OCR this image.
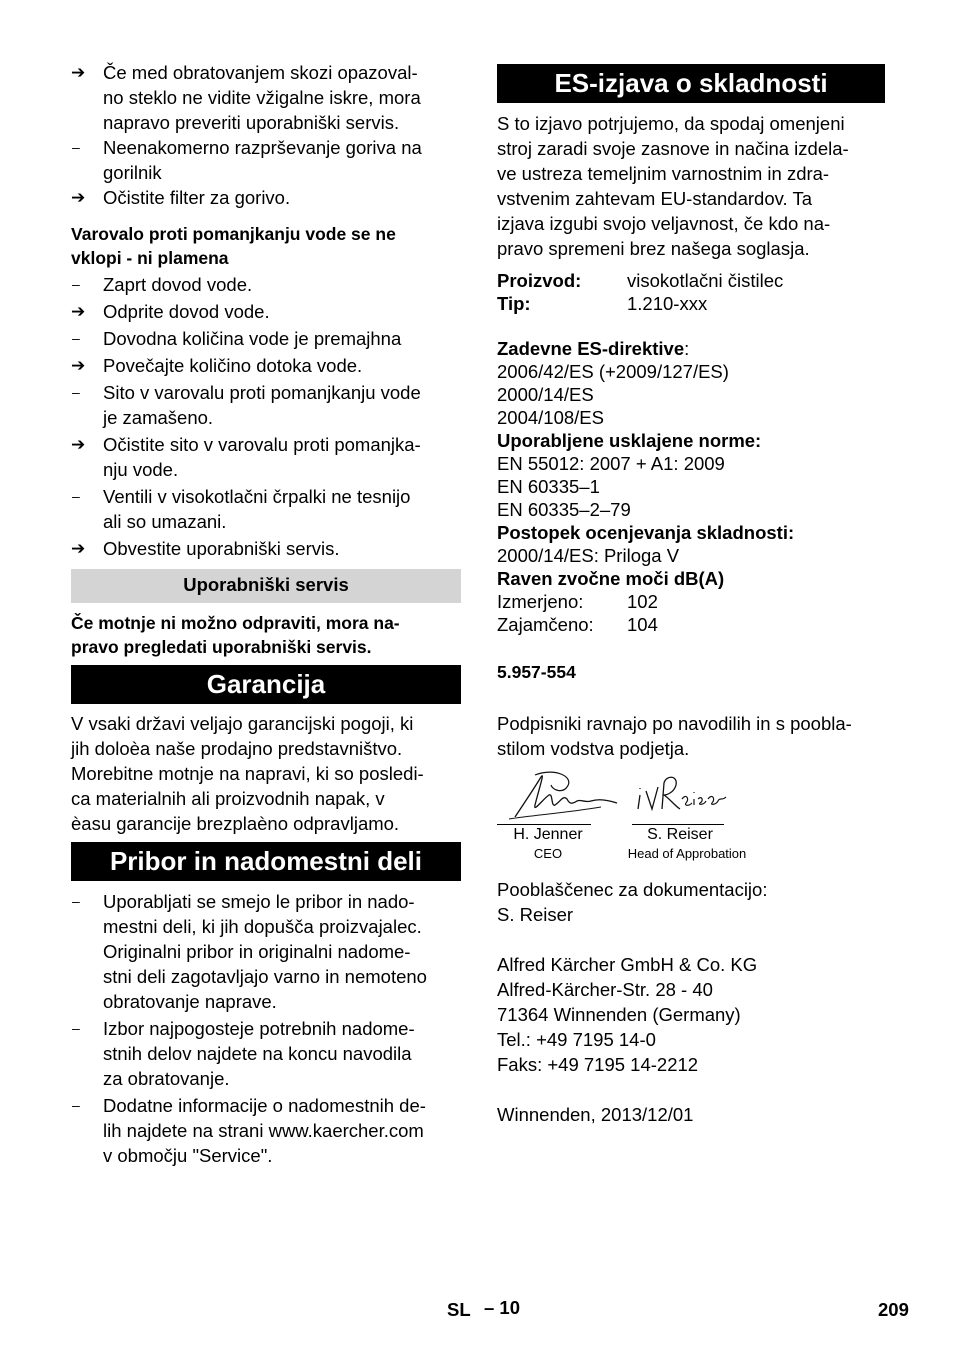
➔ Če med obratovanjem skozi opazoval-
no steklo ne vidite vžigalne iskre, mora
napravo preveriti uporabniški servis.
–	Neenakomerno razprševanje goriva na
gorilnik
➔ Očistite filter za gorivo.
Varovalo proti pomanjkanju vode se ne
vklopi - ni plamena
–	Zaprt dovod vode.
➔ Odprite dovod vode.
–	Dovodna količina vode je premajhna
➔ Povečajte količino dotoka vode.
–	Sito v varovalu proti pomanjkanju vode
je zamašeno.
➔ Očistite sito v varovalu proti pomanjka-
nju vode.
–	Ventili v visokotlačni črpalki ne tesnijo
ali so umazani.
➔ Obvestite uporabniški servis.
Uporabniški servis
Če motnje ni možno odpraviti, mora na-
pravo pregledati uporabniški servis.
Garancija
V vsaki državi veljajo garancijski pogoji, ki
jih doloèa naše prodajno predstavništvo.
Morebitne motnje na napravi, ki so posledi-
ca materialnih ali proizvodnih napak, v
èasu garancije brezplaèno odpravljamo.
Pribor in nadomestni deli
–	Uporabljati se smejo le pribor in nado-
mestni deli, ki jih dopušča proizvajalec.
Originalni pribor in originalni nadome-
stni deli zagotavljajo varno in nemoteno
obratovanje naprave.
–	Izbor najpogosteje potrebnih nadome-
stnih delov najdete na koncu navodila
za obratovanje.
–	Dodatne informacije o nadomestnih de-
lih najdete na strani www.kaercher.com
v območju "Service".
ES-izjava o skladnosti
S to izjavo potrjujemo, da spodaj omenjeni
stroj zaradi svoje zasnove in načina izdela-
ve ustreza temeljnim varnostnim in zdra-
vstvenim zahtevam EU-standardov. Ta
izjava izgubi svojo veljavnost, če kdo na-
pravo spremeni brez našega soglasja.
Proizvod:	visokotlačni čistilec
Tip:	1.210-xxx
Zadevne ES-direktive:
2006/42/ES (+2009/127/ES)
2000/14/ES
2004/108/ES
Uporabljene usklajene norme:
EN 55012: 2007 + A1: 2009
EN 60335–1
EN 60335–2–79
Postopek ocenjevanja skladnosti:
2000/14/ES: Priloga V
Raven zvočne moči dB(A)
Izmerjeno:	102
Zajamčeno:	104
5.957-554
Podpisniki ravnajo po navodilih in s poobla-
stilom vodstva podjetja.
H. Jenner
CEO
S. Reiser
Head of Approbation
Pooblaščenec za dokumentacijo:
S. Reiser
Alfred Kärcher GmbH & Co. KG
Alfred-Kärcher-Str. 28 - 40
71364 Winnenden (Germany)
Tel.: +49 7195 14-0
Faks: +49 7195 14-2212
Winnenden, 2013/12/01
SL – 10	209
